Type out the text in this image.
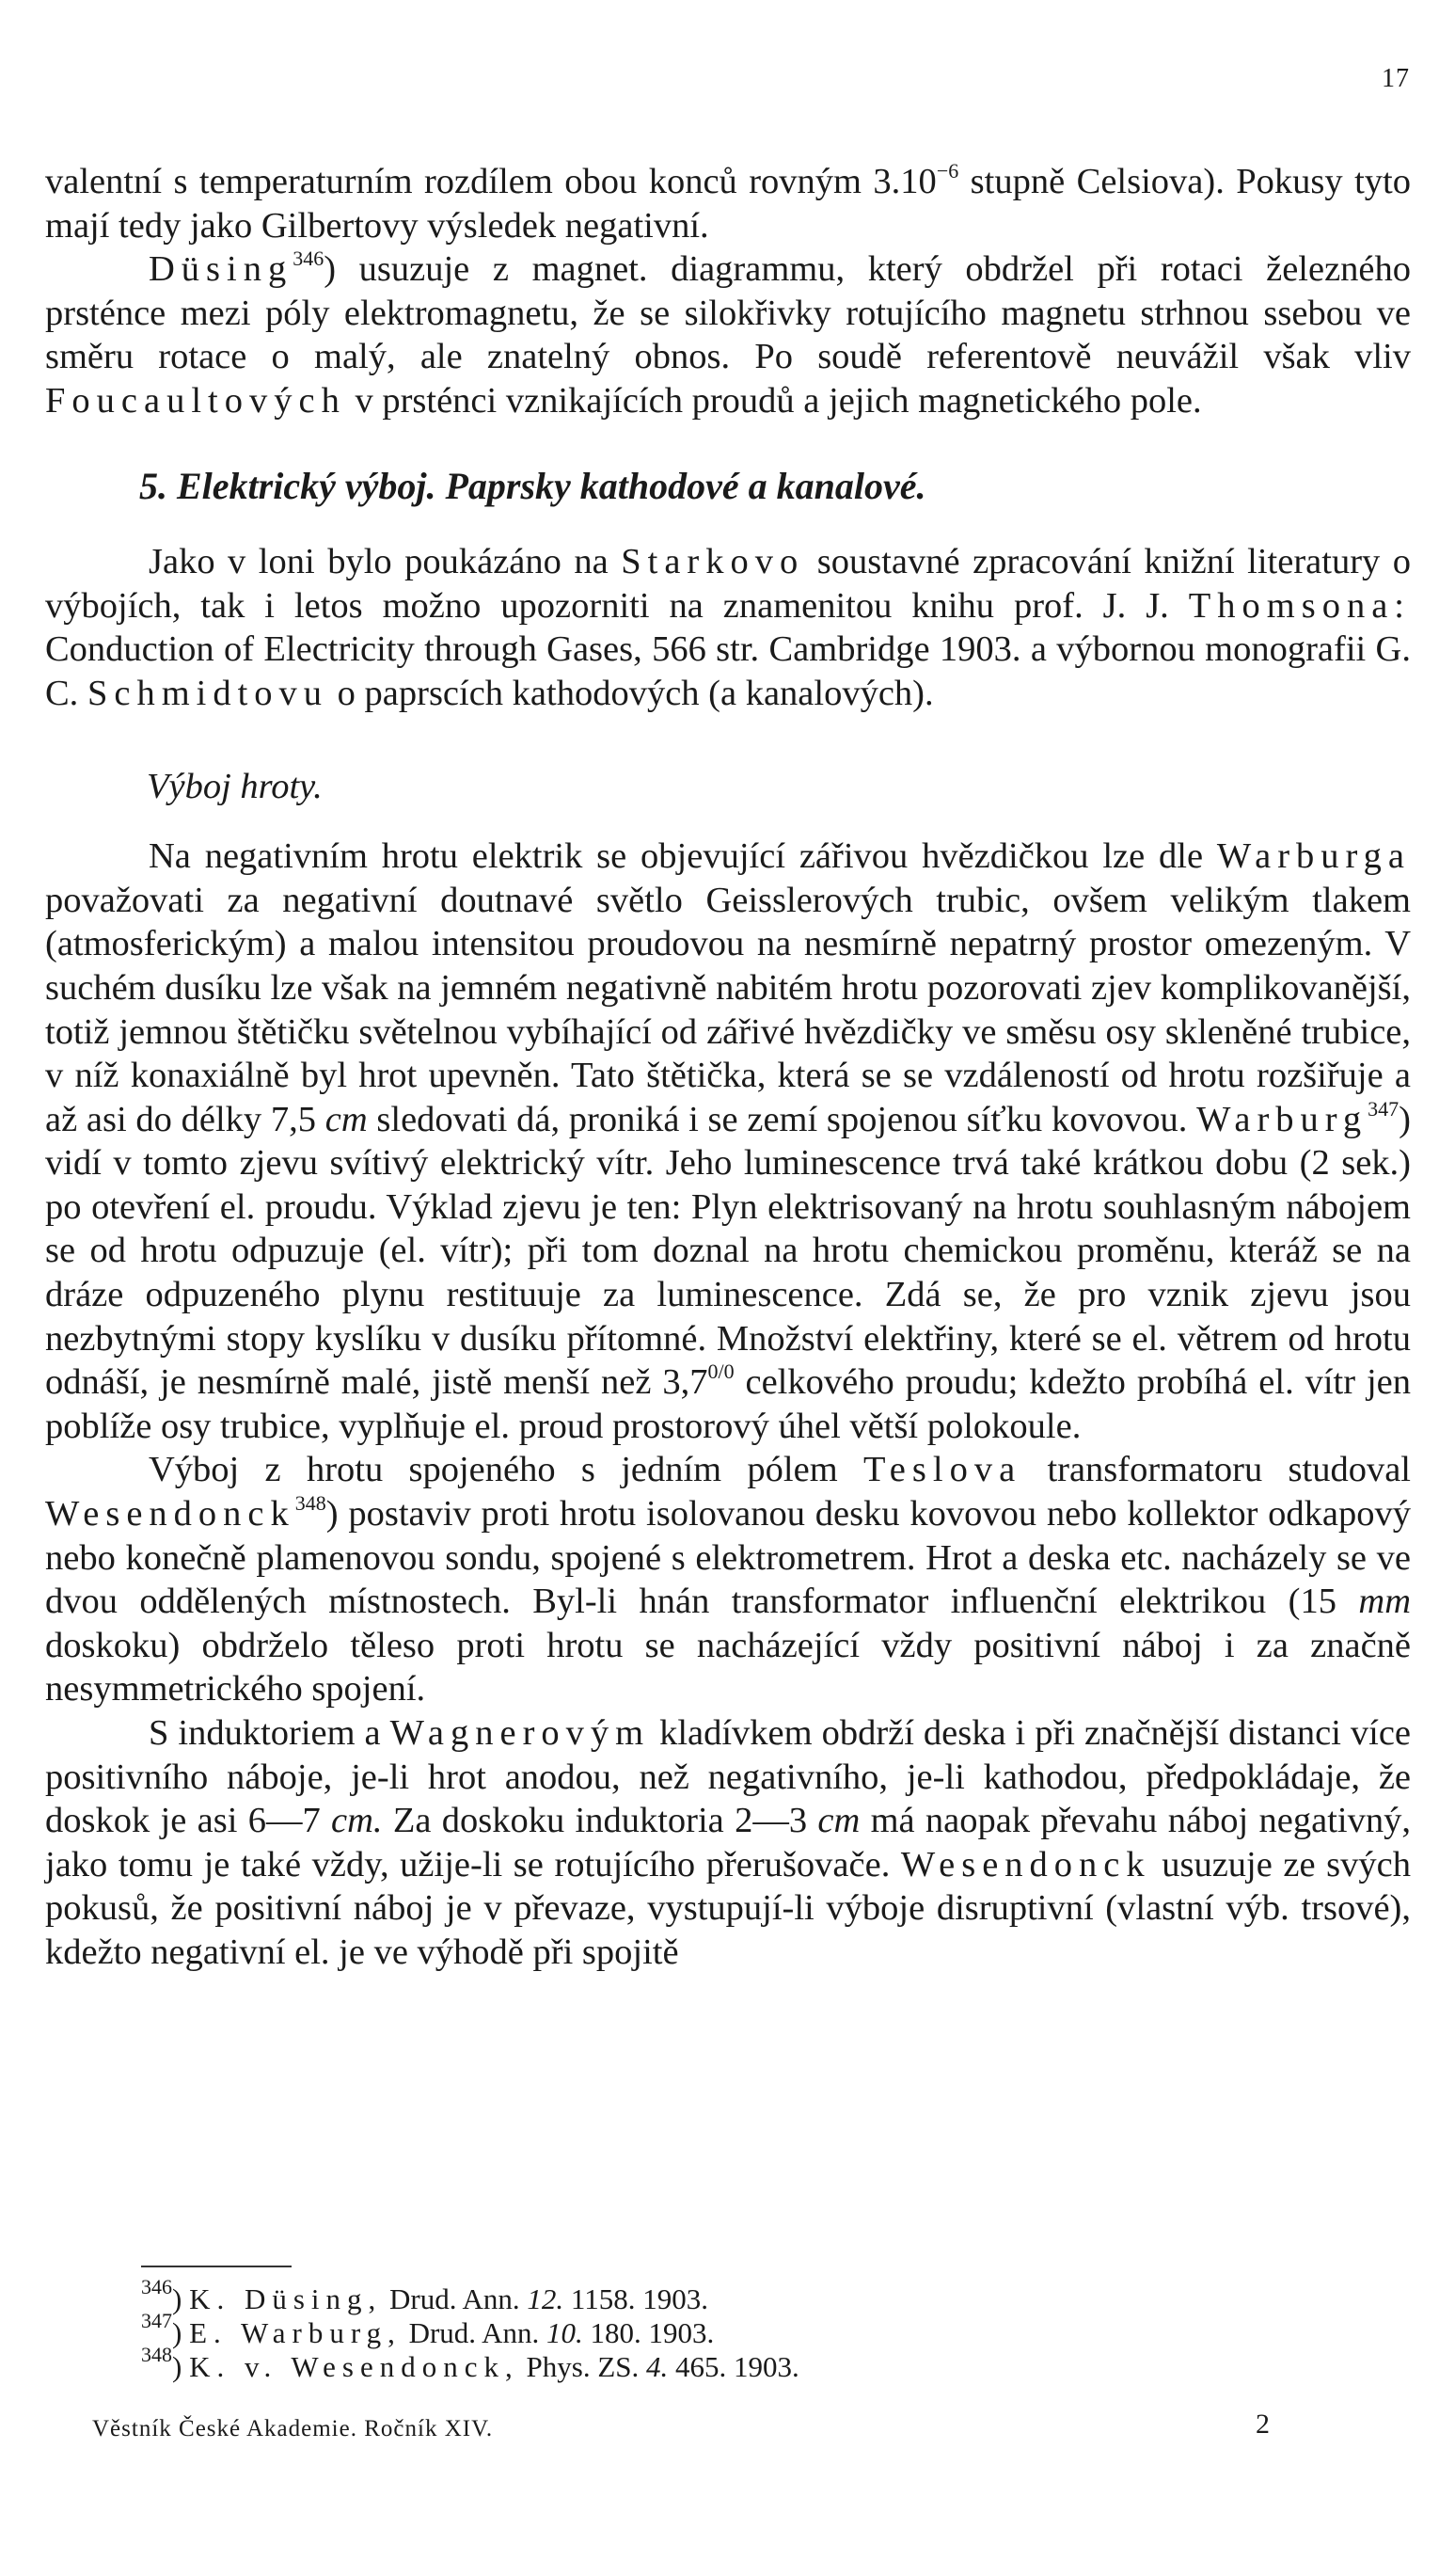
17

valentní s temperaturním rozdílem obou konců rovným $3.10^{-6}$ stupně Celsiova). Pokusy tyto mají tedy jako Gilbertovy výsledek negativní.

Düsing$^{346}$) usuzuje z magnet. diagrammu, který obdržel při rotaci železného prsténce mezi póly elektromagnetu, že se silokřivky rotujícího magnetu strhnou ssebou ve směru rotace o malý, ale znatelný obnos. Po soudě referentově neuvážil však vliv Foucaultových v prsténci vznikajících proudů a jejich magnetického pole.

5. Elektrický výboj. Paprsky kathodové a kanalové.

Jako v loni bylo poukázáno na Starkovo soustavné zpracování knižní literatury o výbojích, tak i letos možno upozorniti na znamenitou knihu prof. J. J. Thomsona: Conduction of Electricity through Gases, 566 str. Cambridge 1903. a výbornou monografii G. C. Schmidtovu o paprscích kathodových (a kanalových).

Výboj hroty.

Na negativním hrotu elektrik se objevující zářivou hvězdičkou lze dle Warburga považovati za negativní doutnavé světlo Geisslerových trubic, ovšem velikým tlakem (atmosferickým) a malou intensitou proudovou na nesmírně nepatrný prostor omezeným. V suchém dusíku lze však na jemném negativně nabitém hrotu pozorovati zjev komplikovanější, totiž jemnou štětičku světelnou vybíhající od zářivé hvězdičky ve směsu osy skleněné trubice, v níž konaxiálně byl hrot upevněn. Tato štětička, která se se vzdáleností od hrotu rozšiřuje a až asi do délky 7,5 cm sledovati dá, proniká i se zemí spojenou síťku kovovou. Warburg$^{347}$) vidí v tomto zjevu svítivý elektrický vítr. Jeho luminescence trvá také krátkou dobu (2 sek.) po otevření el. proudu. Výklad zjevu je ten: Plyn elektrisovaný na hrotu souhlasným nábojem se od hrotu odpuzuje (el. vítr); při tom doznal na hrotu chemickou proměnu, kteráž se na dráze odpuzeného plynu restituuje za luminescence. Zdá se, že pro vznik zjevu jsou nezbytnými stopy kyslíku v dusíku přítomné. Množství elektřiny, které se el. větrem od hrotu odnáší, je nesmírně malé, jistě menší než $3,7^{0/0}$ celkového proudu; kdežto probíhá el. vítr jen poblíže osy trubice, vyplňuje el. proud prostorový úhel větší polokoule.

Výboj z hrotu spojeného s jedním pólem Teslova transformatoru studoval Wesendonck$^{348}$) postaviv proti hrotu isolovanou desku kovovou nebo kollektor odkapový nebo konečně plamenovou sondu, spojené s elektrometrem. Hrot a deska etc. nacházely se ve dvou oddělených místnostech. Byl-li hnán transformator influenční elektrikou (15 mm doskoku) obdrželo těleso proti hrotu se nacházející vždy positivní náboj i za značně nesymmetrického spojení.

S induktoriem a Wagnerovým kladívkem obdrží deska i při značnější distanci více positivního náboje, je-li hrot anodou, než negativního, je-li kathodou, předpokládaje, že doskok je asi 6—7 cm. Za doskoku induktoria 2—3 cm má naopak převahu náboj negativný, jako tomu je také vždy, užije-li se rotujícího přerušovače. Wesendonck usuzuje ze svých pokusů, že positivní náboj je v převaze, vystupují-li výboje disruptivní (vlastní výb. trsové), kdežto negativní el. je ve výhodě při spojitě

$^{346}$) K. Düsing, Drud. Ann. 12. 1158. 1903.
$^{347}$) E. Warburg, Drud. Ann. 10. 180. 1903.
$^{348}$) K. v. Wesendonck, Phys. ZS. 4. 465. 1903.
Věstník České Akademie. Ročník XIV.	2
